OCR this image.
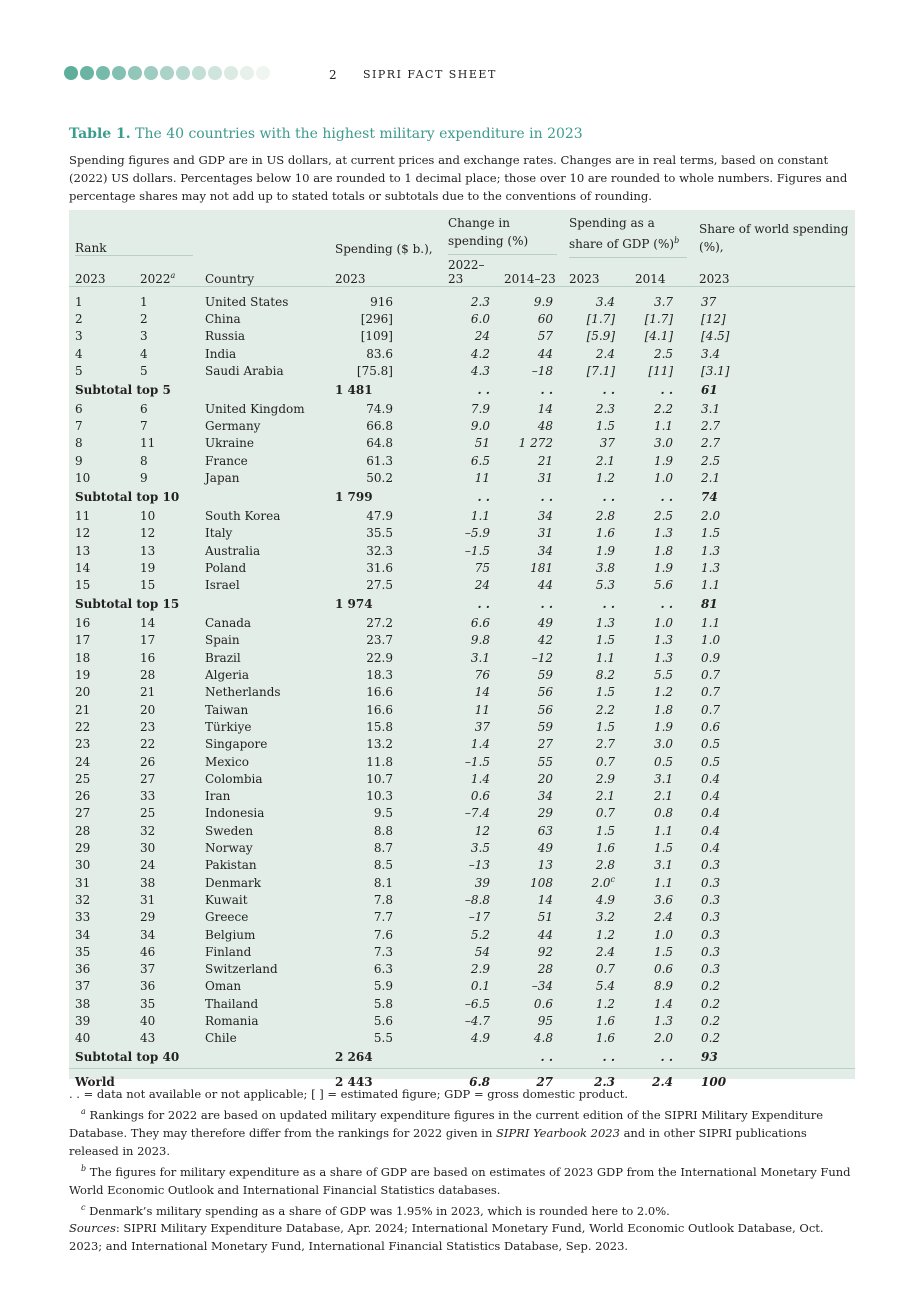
2 SIPRI FACT SHEET
Table 1. The 40 countries with the highest military expenditure in 2023
Spending figures and GDP are in US dollars, at current prices and exchange rates. Changes are in real terms, based on constant (2022) US dollars. Percentages below 10 are rounded to 1 decimal place; those over 10 are rounded to whole numbers. Figures and percentage shares may not add up to stated totals or subtotals due to the conventions of rounding.
Rank			Spending ($ b.),	Change in spending (%)		Spending as a share of GDP (%)$^b$		Share of world spending (%),

2023	2022$^a$	Country	2023	2022–23	2014–23	2023	2014	2023

1	1	United States	916	2.3	9.9	3.4	3.7	37
2	2	China	[296]	6.0	60	[1.7]	[1.7]	[12]
3	3	Russia	[109]	24	57	[5.9]	[4.1]	[4.5]
4	4	India	83.6	4.2	44	2.4	2.5	3.4
5	5	Saudi Arabia	[75.8]	4.3	–18	[7.1]	[11]	[3.1]
Subtotal top 5			1 481	. .	. .	. .	. .	61
6	6	United Kingdom	74.9	7.9	14	2.3	2.2	3.1
7	7	Germany	66.8	9.0	48	1.5	1.1	2.7
8	11	Ukraine	64.8	51	1 272	37	3.0	2.7
9	8	France	61.3	6.5	21	2.1	1.9	2.5
10	9	Japan	50.2	11	31	1.2	1.0	2.1
Subtotal top 10			1 799	. .	. .	. .	. .	74
11	10	South Korea	47.9	1.1	34	2.8	2.5	2.0
12	12	Italy	35.5	–5.9	31	1.6	1.3	1.5
13	13	Australia	32.3	–1.5	34	1.9	1.8	1.3
14	19	Poland	31.6	75	181	3.8	1.9	1.3
15	15	Israel	27.5	24	44	5.3	5.6	1.1
Subtotal top 15			1 974	. .	. .	. .	. .	81
16	14	Canada	27.2	6.6	49	1.3	1.0	1.1
17	17	Spain	23.7	9.8	42	1.5	1.3	1.0
18	16	Brazil	22.9	3.1	–12	1.1	1.3	0.9
19	28	Algeria	18.3	76	59	8.2	5.5	0.7
20	21	Netherlands	16.6	14	56	1.5	1.2	0.7
21	20	Taiwan	16.6	11	56	2.2	1.8	0.7
22	23	Türkiye	15.8	37	59	1.5	1.9	0.6
23	22	Singapore	13.2	1.4	27	2.7	3.0	0.5
24	26	Mexico	11.8	–1.5	55	0.7	0.5	0.5
25	27	Colombia	10.7	1.4	20	2.9	3.1	0.4
26	33	Iran	10.3	0.6	34	2.1	2.1	0.4
27	25	Indonesia	9.5	–7.4	29	0.7	0.8	0.4
28	32	Sweden	8.8	12	63	1.5	1.1	0.4
29	30	Norway	8.7	3.5	49	1.6	1.5	0.4
30	24	Pakistan	8.5	–13	13	2.8	3.1	0.3
31	38	Denmark	8.1	39	108	2.0$^c$	1.1	0.3
32	31	Kuwait	7.8	–8.8	14	4.9	3.6	0.3
33	29	Greece	7.7	–17	51	3.2	2.4	0.3
34	34	Belgium	7.6	5.2	44	1.2	1.0	0.3
35	46	Finland	7.3	54	92	2.4	1.5	0.3
36	37	Switzerland	6.3	2.9	28	0.7	0.6	0.3
37	36	Oman	5.9	0.1	–34	5.4	8.9	0.2
38	35	Thailand	5.8	–6.5	0.6	1.2	1.4	0.2
39	40	Romania	5.6	–4.7	95	1.6	1.3	0.2
40	43	Chile	5.5	4.9	4.8	1.6	2.0	0.2
Subtotal top 40			2 264		. .	. .	. .	93
World			2 443	6.8	27	2.3	2.4	100

. . = data not available or not applicable; [ ] = estimated figure; GDP = gross domestic product.

$^a$ Rankings for 2022 are based on updated military expenditure figures in the current edition of the SIPRI Military Expenditure Database. They may therefore differ from the rankings for 2022 given in SIPRI Yearbook 2023 and in other SIPRI publications released in 2023.

$^b$ The figures for military expenditure as a share of GDP are based on estimates of 2023 GDP from the International Monetary Fund World Economic Outlook and International Financial Statistics databases.

$^c$ Denmark’s military spending as a share of GDP was 1.95% in 2023, which is rounded here to 2.0%.

Sources: SIPRI Military Expenditure Database, Apr. 2024; International Monetary Fund, World Economic Outlook Database, Oct. 2023; and International Monetary Fund, International Financial Statistics Database, Sep. 2023.
